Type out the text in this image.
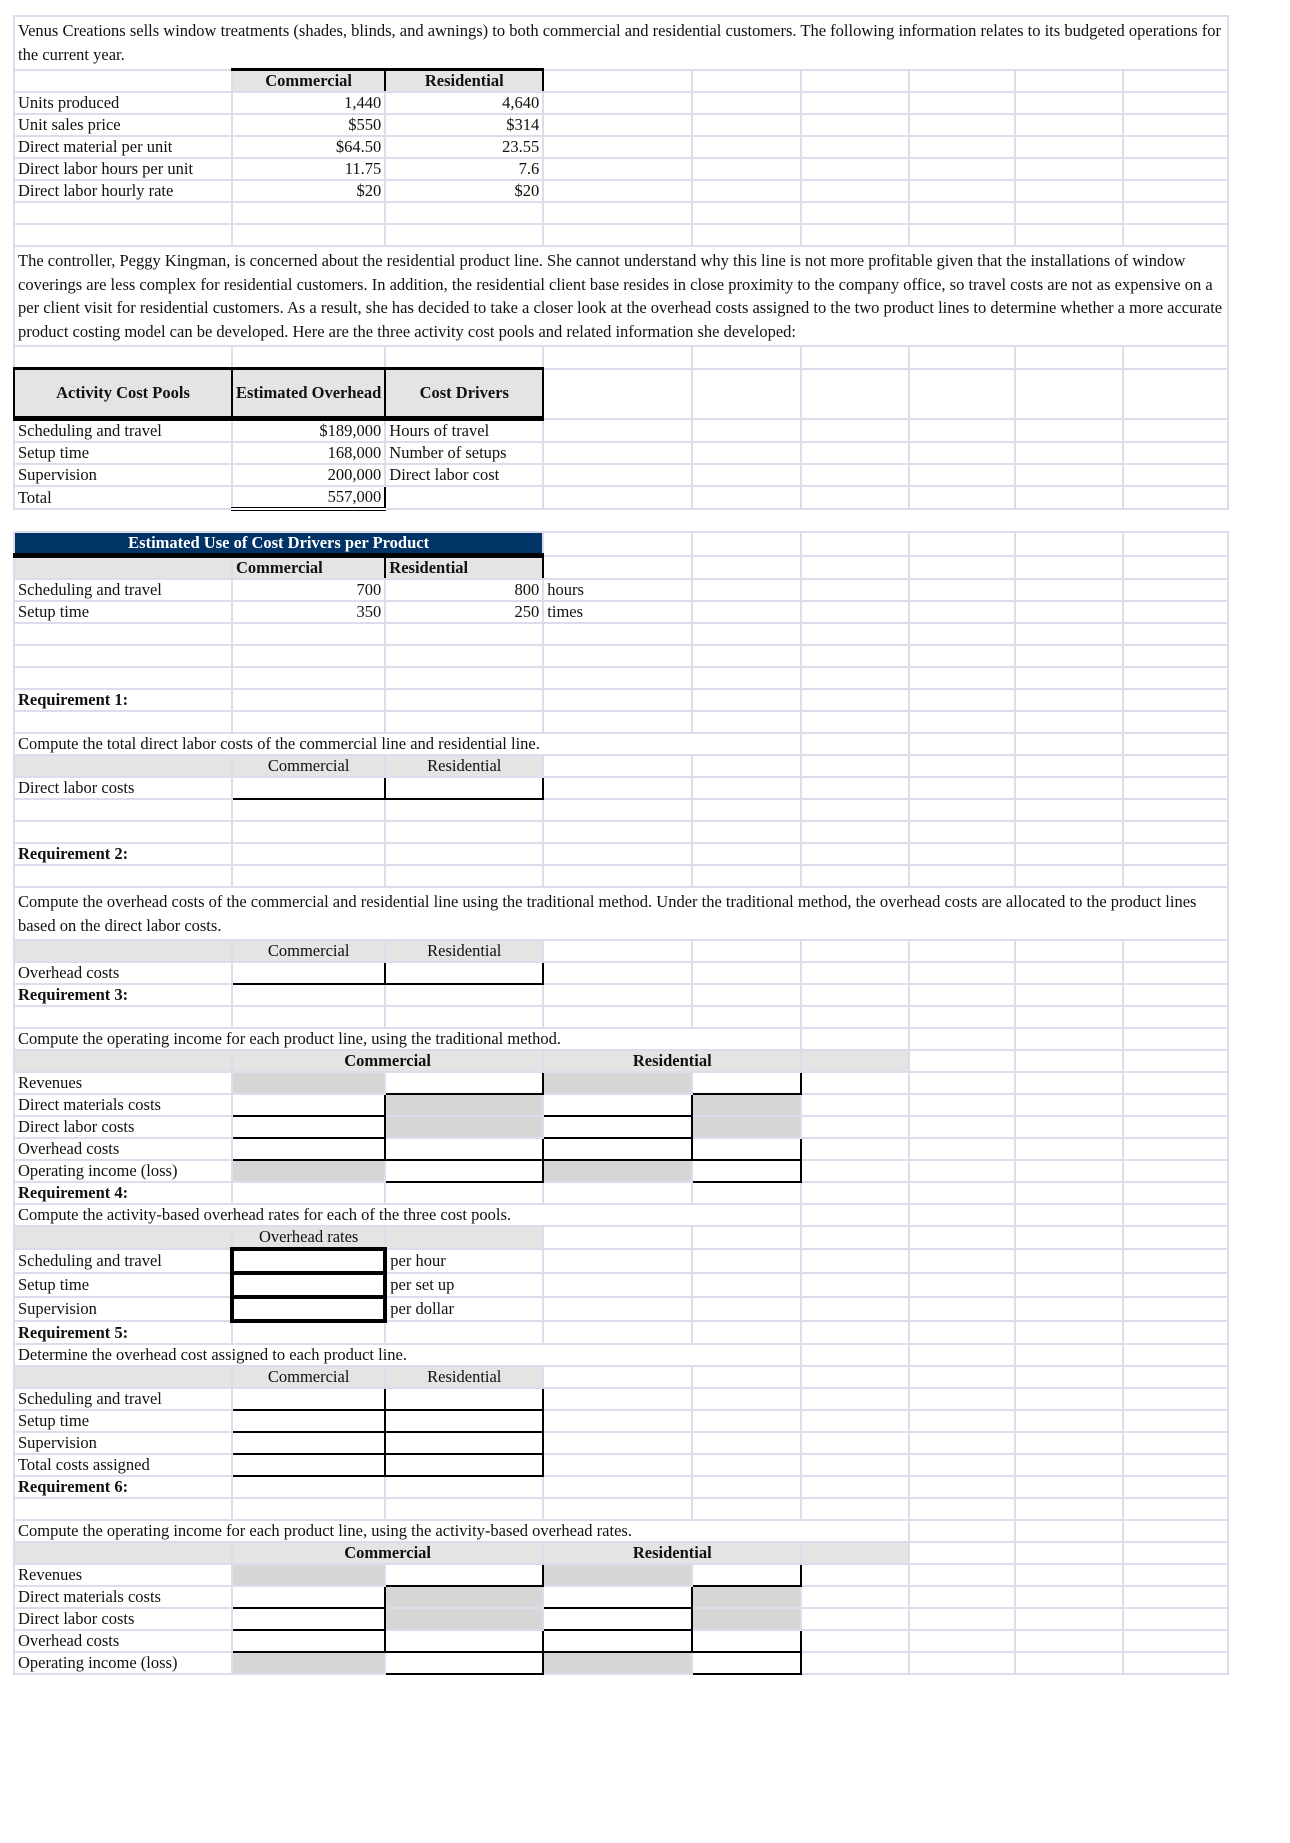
Venus Creations sells window treatments (shades, blinds, and awnings) to both commercial and residential customers. The following information relates to its budgeted operations for the current year.								
	Commercial	Residential						
Units produced	1,440	4,640						
Unit sales price	$550	$314						
Direct material per unit	$64.50	23.55						
Direct labor hours per unit	11.75	7.6						
Direct labor hourly rate	$20	$20						

The controller, Peggy Kingman, is concerned about the residential product line. She cannot understand why this line is not more profitable given that the installations of window coverings are less complex for residential customers. In addition, the residential client base resides in close proximity to the company office, so travel costs are not as expensive on a per client visit for residential customers. As a result, she has decided to take a closer look at the overhead costs assigned to the two product lines to determine whether a more accurate product costing model can be developed. Here are the three activity cost pools and related information she developed:								

Activity Cost Pools	Estimated Overhead	Cost Drivers						
Scheduling and travel	$189,000	Hours of travel						
Setup time	168,000	Number of setups						
Supervision	200,000	Direct labor cost						
Total	557,000							

Estimated Use of Cost Drivers per Product								
	Commercial	Residential						
Scheduling and travel	700	800	hours					
Setup time	350	250	times					

Requirement 1:								

Compute the total direct labor costs of the commercial line and residential line.								
	Commercial	Residential						
Direct labor costs								

Requirement 2:								

Compute the overhead costs of the commercial and residential line using the traditional method. Under the traditional method, the overhead costs are allocated to the product lines based on the direct labor costs.								
	Commercial	Residential						
Overhead costs								
Requirement 3:								

Compute the operating income for each product line, using the traditional method.								
	Commercial		Residential					
Revenues								
Direct materials costs								
Direct labor costs								
Overhead costs								
Operating income (loss)								
Requirement 4:								
Compute the activity-based overhead rates for each of the three cost pools.								
	Overhead rates							
Scheduling and travel		per hour						
Setup time		per set up						
Supervision		per dollar						
Requirement 5:								
Determine the overhead cost assigned to each product line.								
	Commercial	Residential						
Scheduling and travel								
Setup time								
Supervision								
Total costs assigned								
Requirement 6:								

Compute the operating income for each product line, using the activity-based overhead rates.								
	Commercial		Residential					
Revenues								
Direct materials costs								
Direct labor costs								
Overhead costs								
Operating income (loss)								
